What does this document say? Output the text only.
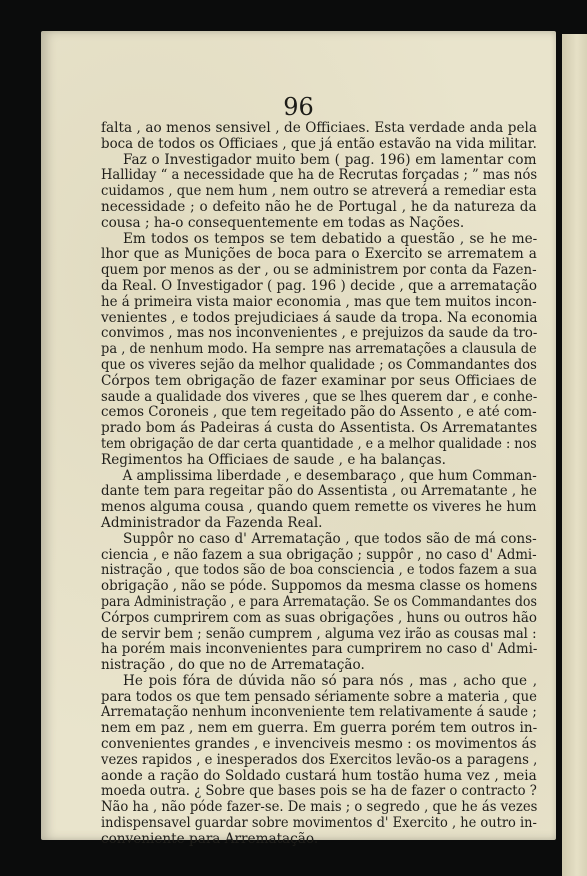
96

falta , ao menos sensivel , de Officiaes. Esta verdade anda pela
boca de todos os Officiaes , que já então estavão na vida militar.

Faz o Investigador muito bem ( pag. 196) em lamentar com
Halliday “ a necessidade que ha de Recrutas forçadas ; ” mas nós
cuidamos , que nem hum , nem outro se atreverá a remediar esta
necessidade ; o defeito não he de Portugal , he da natureza da
cousa ; ha-o consequentemente em todas as Nações.

Em todos os tempos se tem debatido a questão , se he me-
lhor que as Munições de boca para o Exercito se arrematem a
quem por menos as der , ou se administrem por conta da Fazen-
da Real. O Investigador ( pag. 196 ) decide , que a arrematação
he á primeira vista maior economia , mas que tem muitos incon-
venientes , e todos prejudiciaes á saude da tropa. Na economia
convimos , mas nos inconvenientes , e prejuizos da saude da tro-
pa , de nenhum modo. Ha sempre nas arrematações a clausula de
que os viveres sejão da melhor qualidade ; os Commandantes dos
Córpos tem obrigação de fazer examinar por seus Officiaes de
saude a qualidade dos viveres , que se lhes querem dar , e conhe-
cemos Coroneis , que tem regeitado pão do Assento , e até com-
prado bom ás Padeiras á custa do Assentista. Os Arrematantes
tem obrigação de dar certa quantidade , e a melhor qualidade : nos
Regimentos ha Officiaes de saude , e ha balanças.

A amplissima liberdade , e desembaraço , que hum Comman-
dante tem para regeitar pão do Assentista , ou Arrematante , he
menos alguma cousa , quando quem remette os viveres he hum
Administrador da Fazenda Real.

Suppôr no caso d' Arrematação , que todos são de má cons-
ciencia , e não fazem a sua obrigação ; suppôr , no caso d' Admi-
nistração , que todos são de boa consciencia , e todos fazem a sua
obrigação , não se póde. Suppomos da mesma classe os homens
para Administração , e para Arrematação. Se os Commandantes dos
Córpos cumprirem com as suas obrigações , huns ou outros hão
de servir bem ; senão cumprem , alguma vez irão as cousas mal :
ha porém mais inconvenientes para cumprirem no caso d' Admi-
nistração , do que no de Arrematação.

He pois fóra de dúvida não só para nós , mas , acho que ,
para todos os que tem pensado sériamente sobre a materia , que
Arrematação nenhum inconveniente tem relativamente á saude ;
nem em paz , nem em guerra. Em guerra porém tem outros in-
convenientes grandes , e invenciveis mesmo : os movimentos ás
vezes rapidos , e inesperados dos Exercitos levão-os a paragens ,
aonde a ração do Soldado custará hum tostão huma vez , meia
moeda outra. ¿ Sobre que bases pois se ha de fazer o contracto ?
Não ha , não póde fazer-se. De mais ; o segredo , que he ás vezes
indispensavel guardar sobre movimentos d' Exercito , he outro in-
conveniente para Arrematação.
